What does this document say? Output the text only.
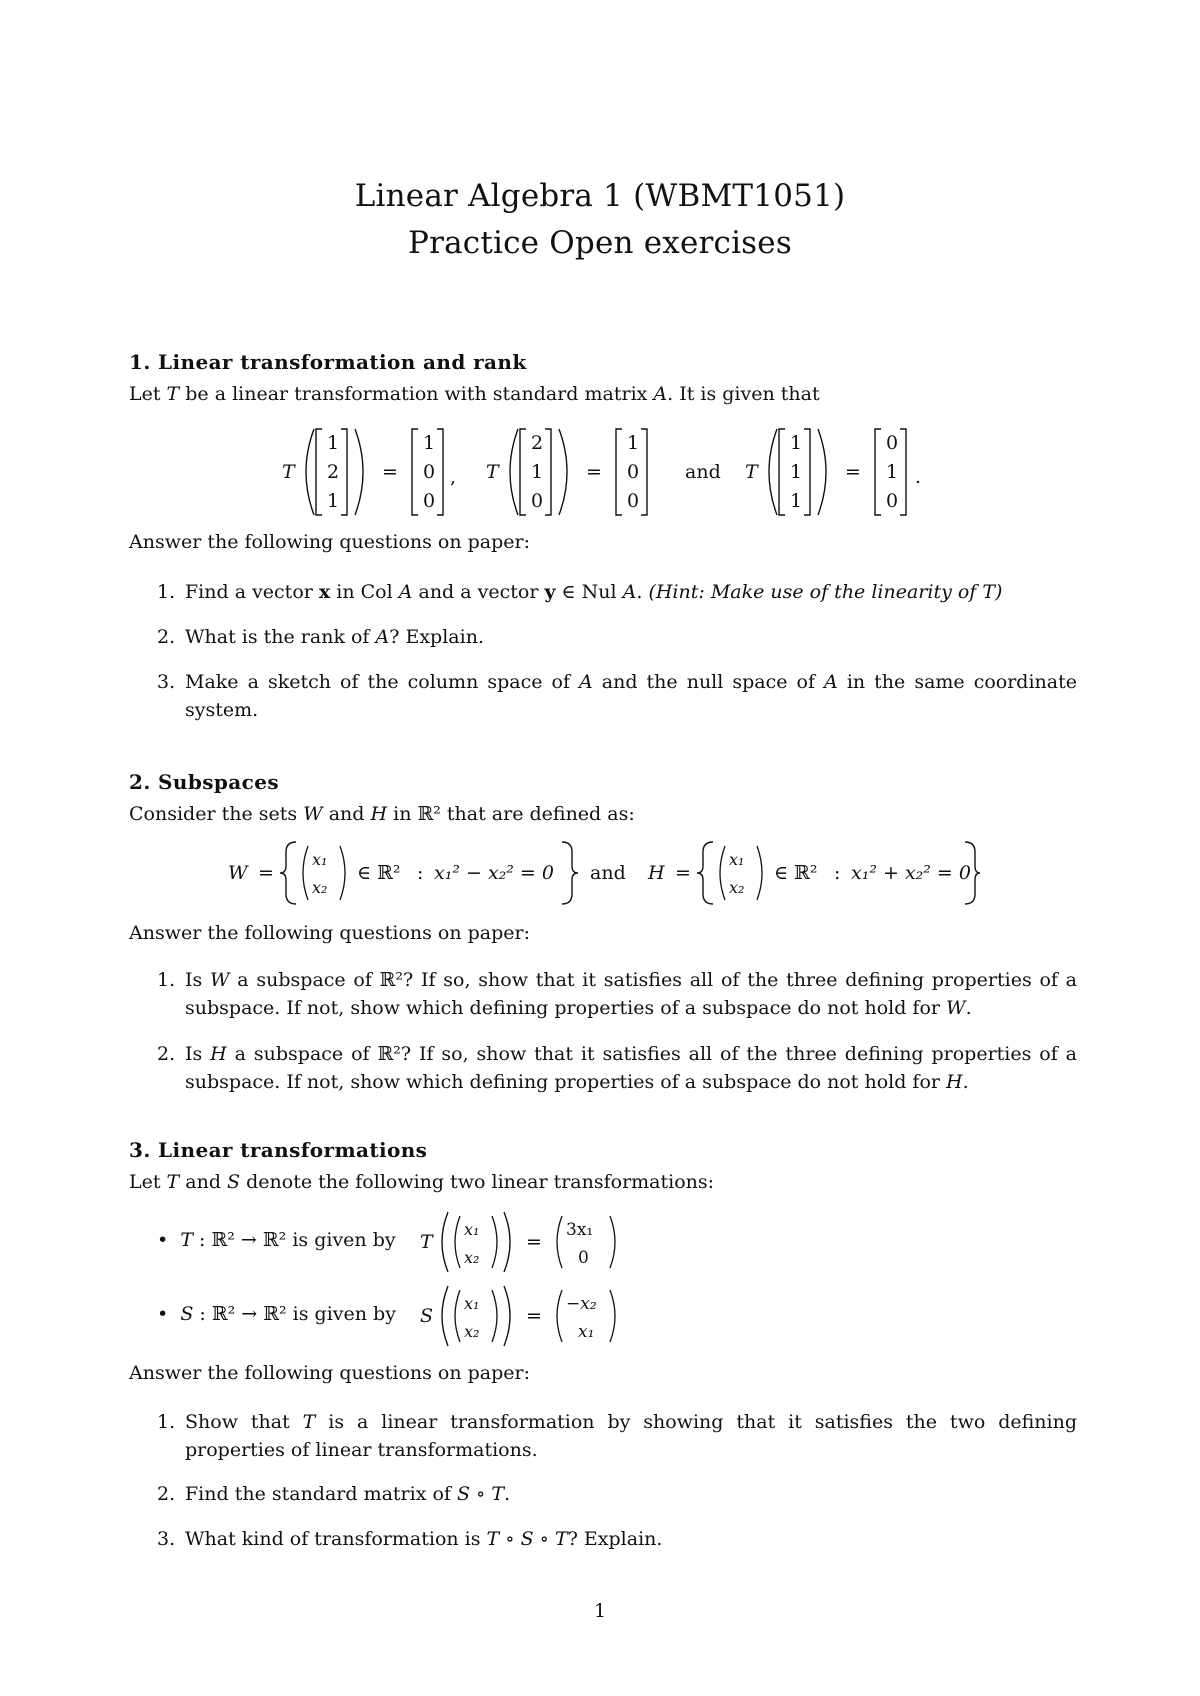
Linear Algebra 1 (WBMT1051)
Practice Open exercises
1. Linear transformation and rank
Let T be a linear transformation with standard matrix A. It is given that
T
1
2
1
=
1
0
0
, T
2
1
0
=
1
0
0
and T
1
1
1
=
0
1
0
.
Answer the following questions on paper:
1. Find a vector x in Col A and a vector y ∈ Nul A. (Hint: Make use of the linearity of T)
2. What is the rank of A? Explain.
3. Make a sketch of the column space of A and the null space of A in the same coordinate system.
2. Subspaces
Consider the sets W and H in ℝ² that are defined as:
W =
x₁
x₂
∈ ℝ² : x₁² − x₂² = 0 and H =
x₁
x₂
∈ ℝ² : x₁² + x₂² = 0
Answer the following questions on paper:
1. Is W a subspace of ℝ²? If so, show that it satisfies all of the three defining properties of a subspace. If not, show which defining properties of a subspace do not hold for W.
2. Is H a subspace of ℝ²? If so, show that it satisfies all of the three defining properties of a subspace. If not, show which defining properties of a subspace do not hold for H.
3. Linear transformations
Let T and S denote the following two linear transformations:
• T : ℝ² → ℝ² is given by T
x₁
x₂
=
3x₁
0
• S : ℝ² → ℝ² is given by S
x₁
x₂
=
−x₂
x₁
Answer the following questions on paper:
1. Show that T is a linear transformation by showing that it satisfies the two defining properties of linear transformations.
2. Find the standard matrix of S ∘ T.
3. What kind of transformation is T ∘ S ∘ T? Explain.
1
